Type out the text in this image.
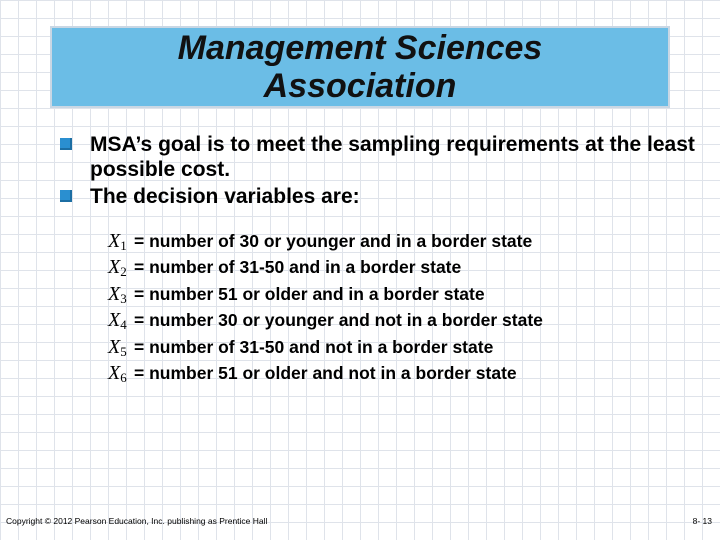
Management Sciences
Association
MSA’s goal is to meet the sampling requirements at the least possible cost.
The decision variables are:
X1 = number of 30 or younger and in a border state
X2 = number of 31-50 and in a border state
X3 = number 51 or older and in a border state
X4 = number 30 or younger and not in a border state
X5 = number of 31-50 and not in a border state
X6 = number 51 or older and not in a border state
Copyright © 2012 Pearson Education, Inc. publishing as Prentice Hall	8- 13
